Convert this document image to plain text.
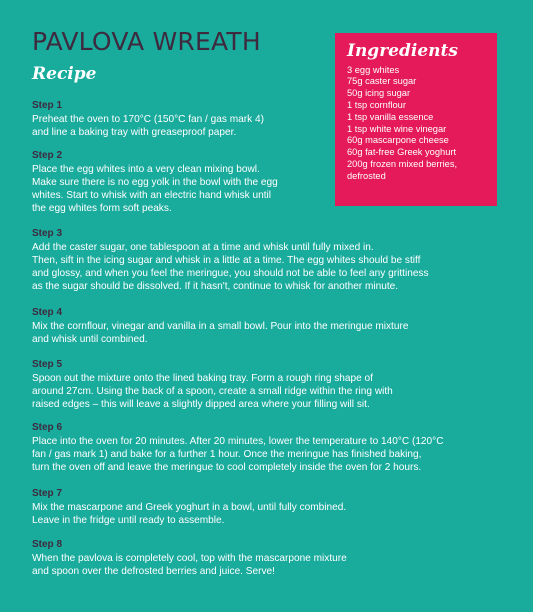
PAVLOVA WREATH
Recipe
Ingredients
3 egg whites
75g caster sugar
50g icing sugar
1 tsp cornflour
1 tsp vanilla essence
1 tsp white wine vinegar
60g mascarpone cheese
60g fat-free Greek yoghurt
200g frozen mixed berries,
defrosted
Step 1
Preheat the oven to 170°C (150°C fan / gas mark 4)
and line a baking tray with greaseproof paper.
Step 2
Place the egg whites into a very clean mixing bowl.
Make sure there is no egg yolk in the bowl with the egg
whites. Start to whisk with an electric hand whisk until
the egg whites form soft peaks.
Step 3
Add the caster sugar, one tablespoon at a time and whisk until fully mixed in.
Then, sift in the icing sugar and whisk in a little at a time. The egg whites should be stiff
and glossy, and when you feel the meringue, you should not be able to feel any grittiness
as the sugar should be dissolved. If it hasn't, continue to whisk for another minute.
Step 4
Mix the cornflour, vinegar and vanilla in a small bowl. Pour into the meringue mixture
and whisk until combined.
Step 5
Spoon out the mixture onto the lined baking tray. Form a rough ring shape of
around 27cm. Using the back of a spoon, create a small ridge within the ring with
raised edges – this will leave a slightly dipped area where your filling will sit.
Step 6
Place into the oven for 20 minutes. After 20 minutes, lower the temperature to 140°C (120°C
fan / gas mark 1) and bake for a further 1 hour. Once the meringue has finished baking,
turn the oven off and leave the meringue to cool completely inside the oven for 2 hours.
Step 7
Mix the mascarpone and Greek yoghurt in a bowl, until fully combined.
Leave in the fridge until ready to assemble.
Step 8
When the pavlova is completely cool, top with the mascarpone mixture
and spoon over the defrosted berries and juice. Serve!
